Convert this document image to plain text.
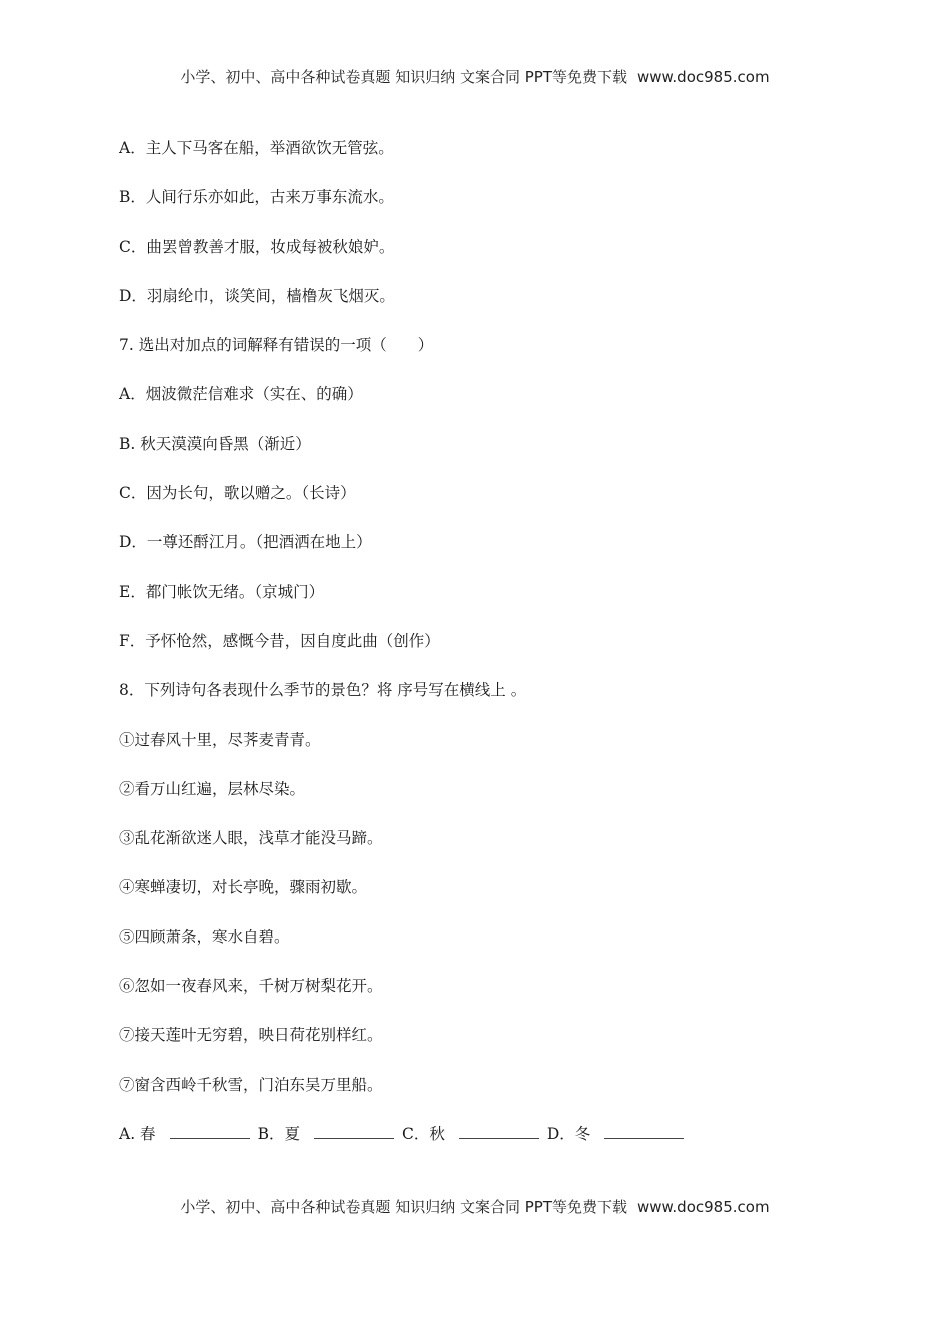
小学、初中、高中各种试卷真题 知识归纳 文案合同 PPT等免费下载 www.doc985.com
A．主人下马客在船，举酒欲饮无管弦。
B．人间行乐亦如此，古来万事东流水。
C．曲罢曾教善才服，妆成每被秋娘妒。
D．羽扇纶巾，谈笑间，樯橹灰飞烟灭。
7. 选出对加点的词解释有错误的一项（　　）
A．烟波微茫信难求（实在、的确）
B. 秋天漠漠向昏黑（渐近）
C．因为长句，歌以赠之。（长诗）
D．一尊还酹江月。（把酒洒在地上）
E．都门帐饮无绪。（京城门）
F．予怀怆然，感慨今昔，因自度此曲（创作）
8．下列诗句各表现什么季节的景色？将 序号写在横线上 。
①过春风十里，尽荠麦青青。
②看万山红遍，层林尽染。
③乱花渐欲迷人眼，浅草才能没马蹄。
④寒蝉凄切，对长亭晚，骤雨初歇。
⑤四顾萧条，寒水自碧。
⑥忽如一夜春风来，千树万树梨花开。
⑦接天莲叶无穷碧，映日荷花别样红。
⑦窗含西岭千秋雪，门泊东吴万里船。
A. 春	B．夏	C．秋	D．冬
小学、初中、高中各种试卷真题 知识归纳 文案合同 PPT等免费下载 www.doc985.com
